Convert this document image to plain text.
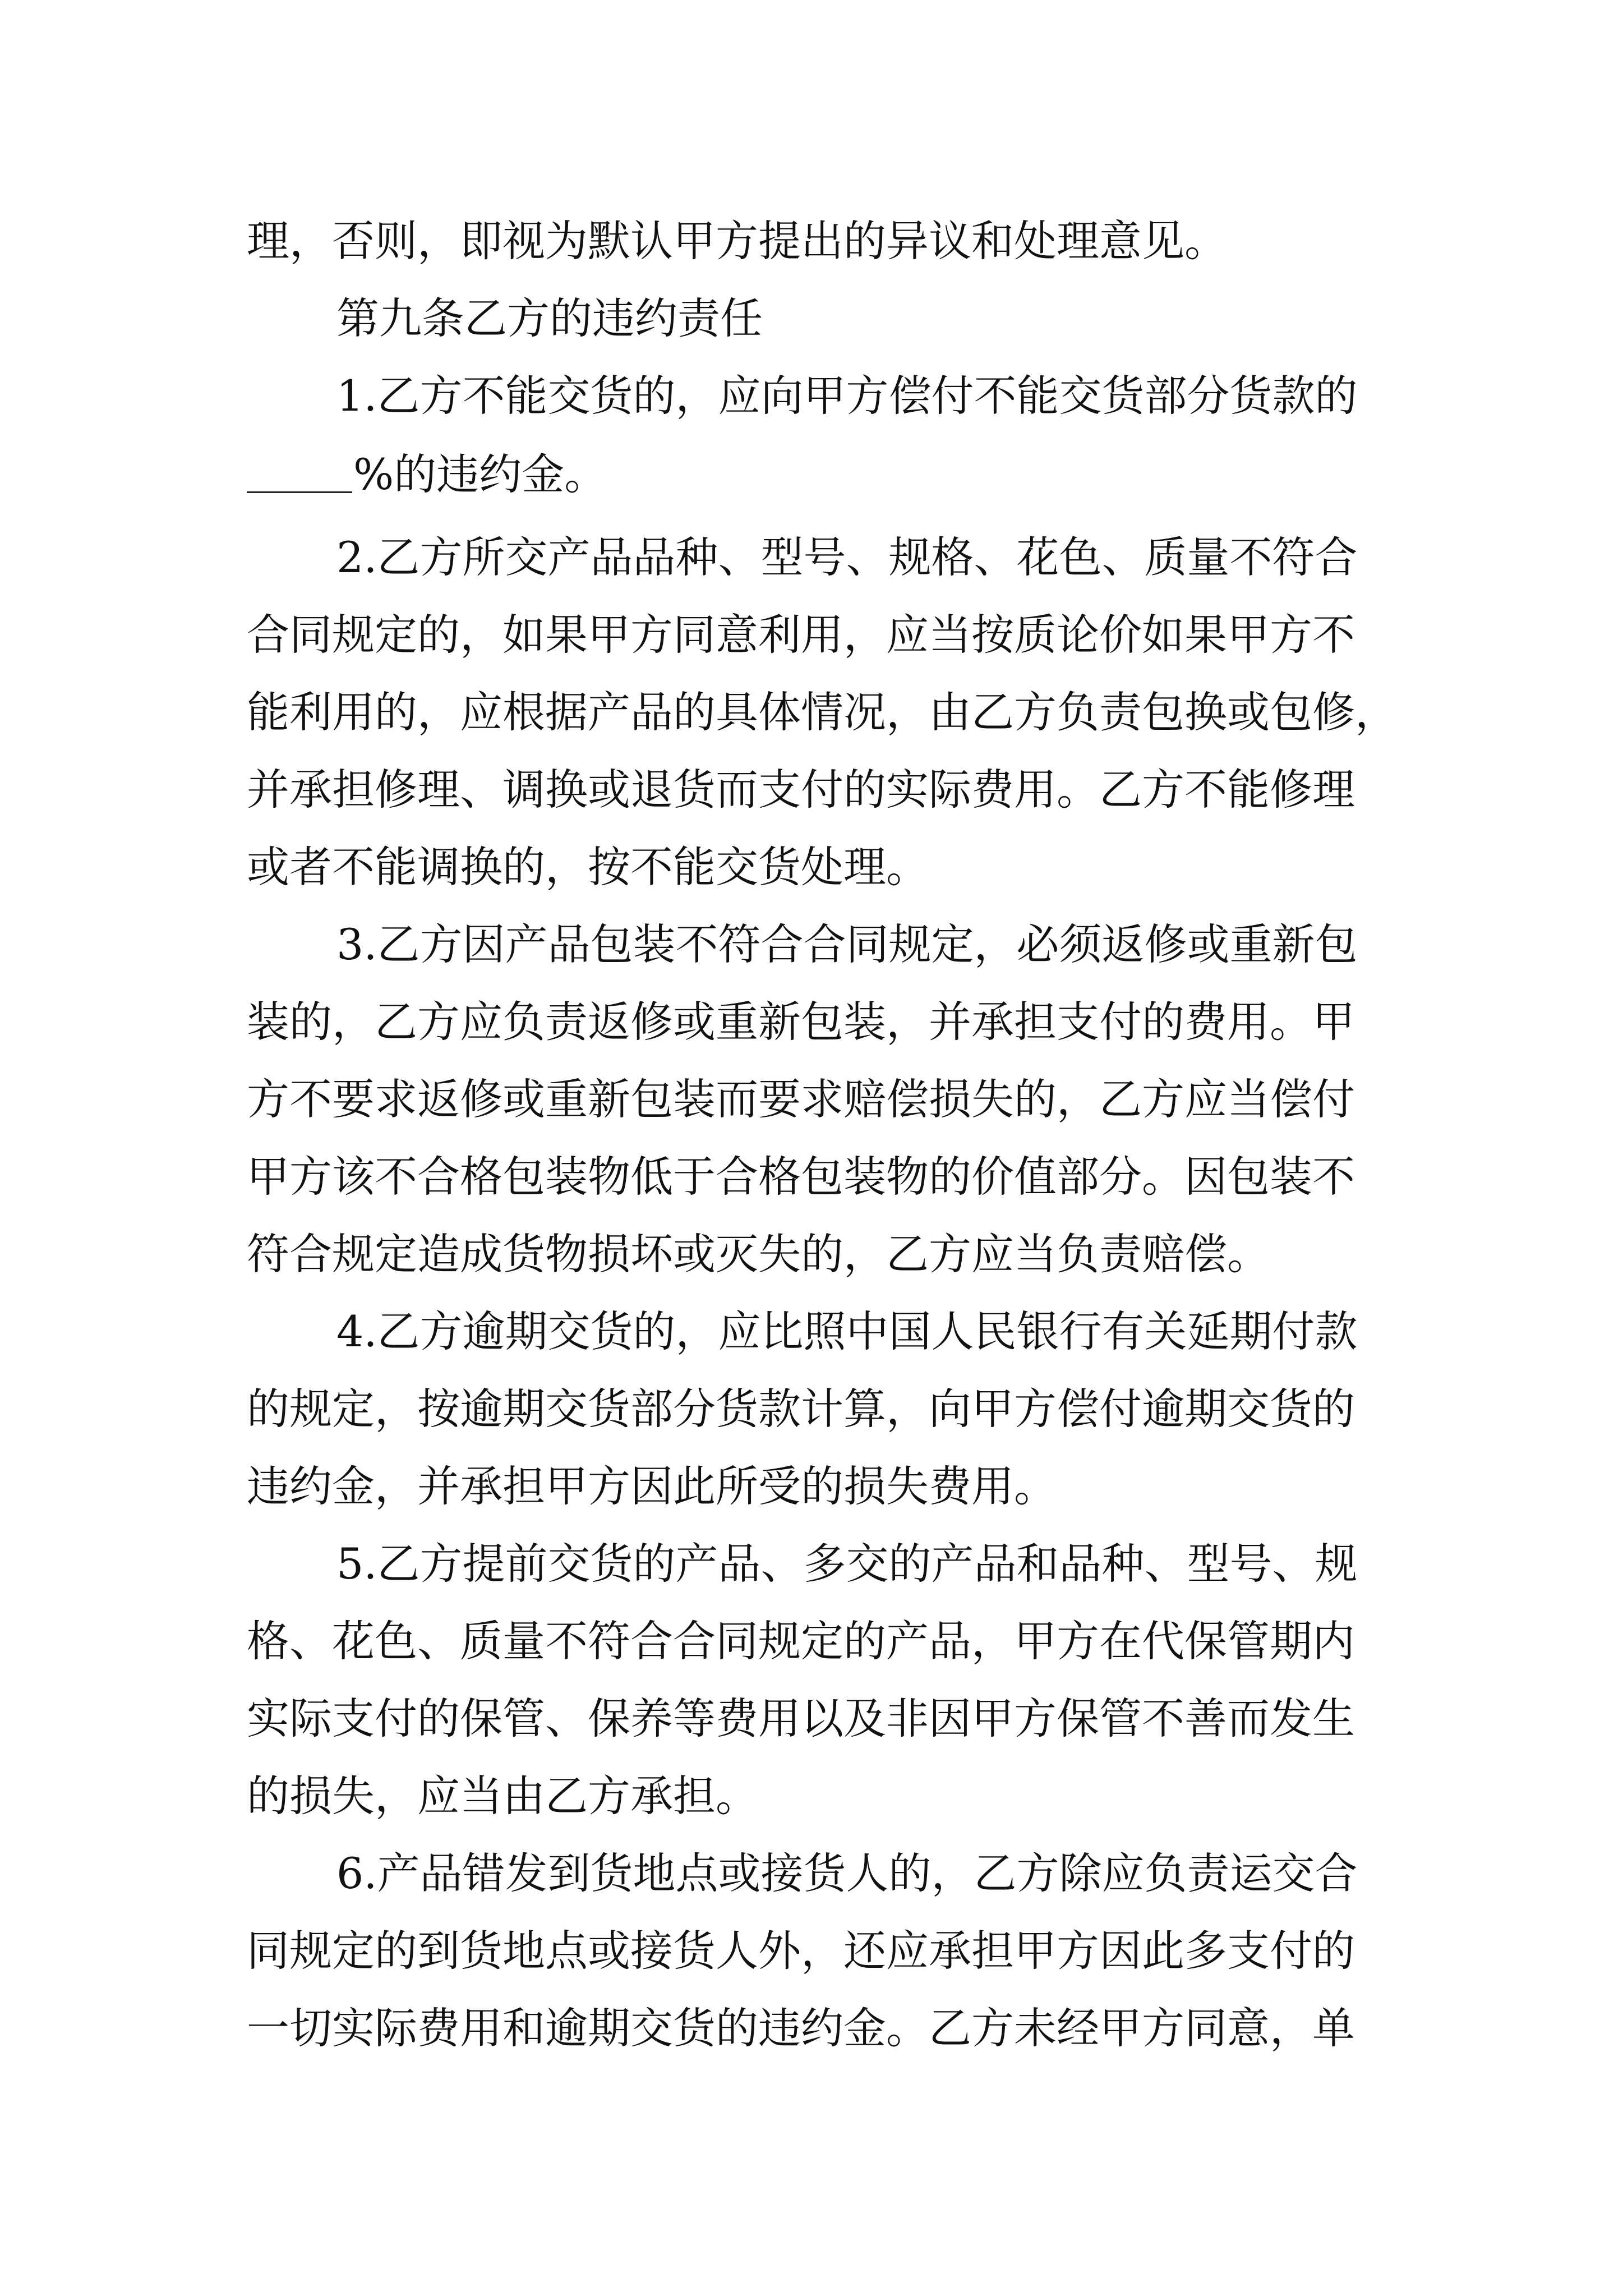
理，否则，即视为默认甲方提出的异议和处理意见。
第九条乙方的违约责任
1.乙方不能交货的，应向甲方偿付不能交货部分货款的
%的违约金。
2.乙方所交产品品种、型号、规格、花色、质量不符合
合同规定的，如果甲方同意利用，应当按质论价如果甲方不
能利用的，应根据产品的具体情况，由乙方负责包换或包修，
并承担修理、调换或退货而支付的实际费用。乙方不能修理
或者不能调换的，按不能交货处理。
3.乙方因产品包装不符合合同规定，必须返修或重新包
装的，乙方应负责返修或重新包装，并承担支付的费用。甲
方不要求返修或重新包装而要求赔偿损失的，乙方应当偿付
甲方该不合格包装物低于合格包装物的价值部分。因包装不
符合规定造成货物损坏或灭失的，乙方应当负责赔偿。
4.乙方逾期交货的，应比照中国人民银行有关延期付款
的规定，按逾期交货部分货款计算，向甲方偿付逾期交货的
违约金，并承担甲方因此所受的损失费用。
5.乙方提前交货的产品、多交的产品和品种、型号、规
格、花色、质量不符合合同规定的产品，甲方在代保管期内
实际支付的保管、保养等费用以及非因甲方保管不善而发生
的损失，应当由乙方承担。
6.产品错发到货地点或接货人的，乙方除应负责运交合
同规定的到货地点或接货人外，还应承担甲方因此多支付的
一切实际费用和逾期交货的违约金。乙方未经甲方同意，单
